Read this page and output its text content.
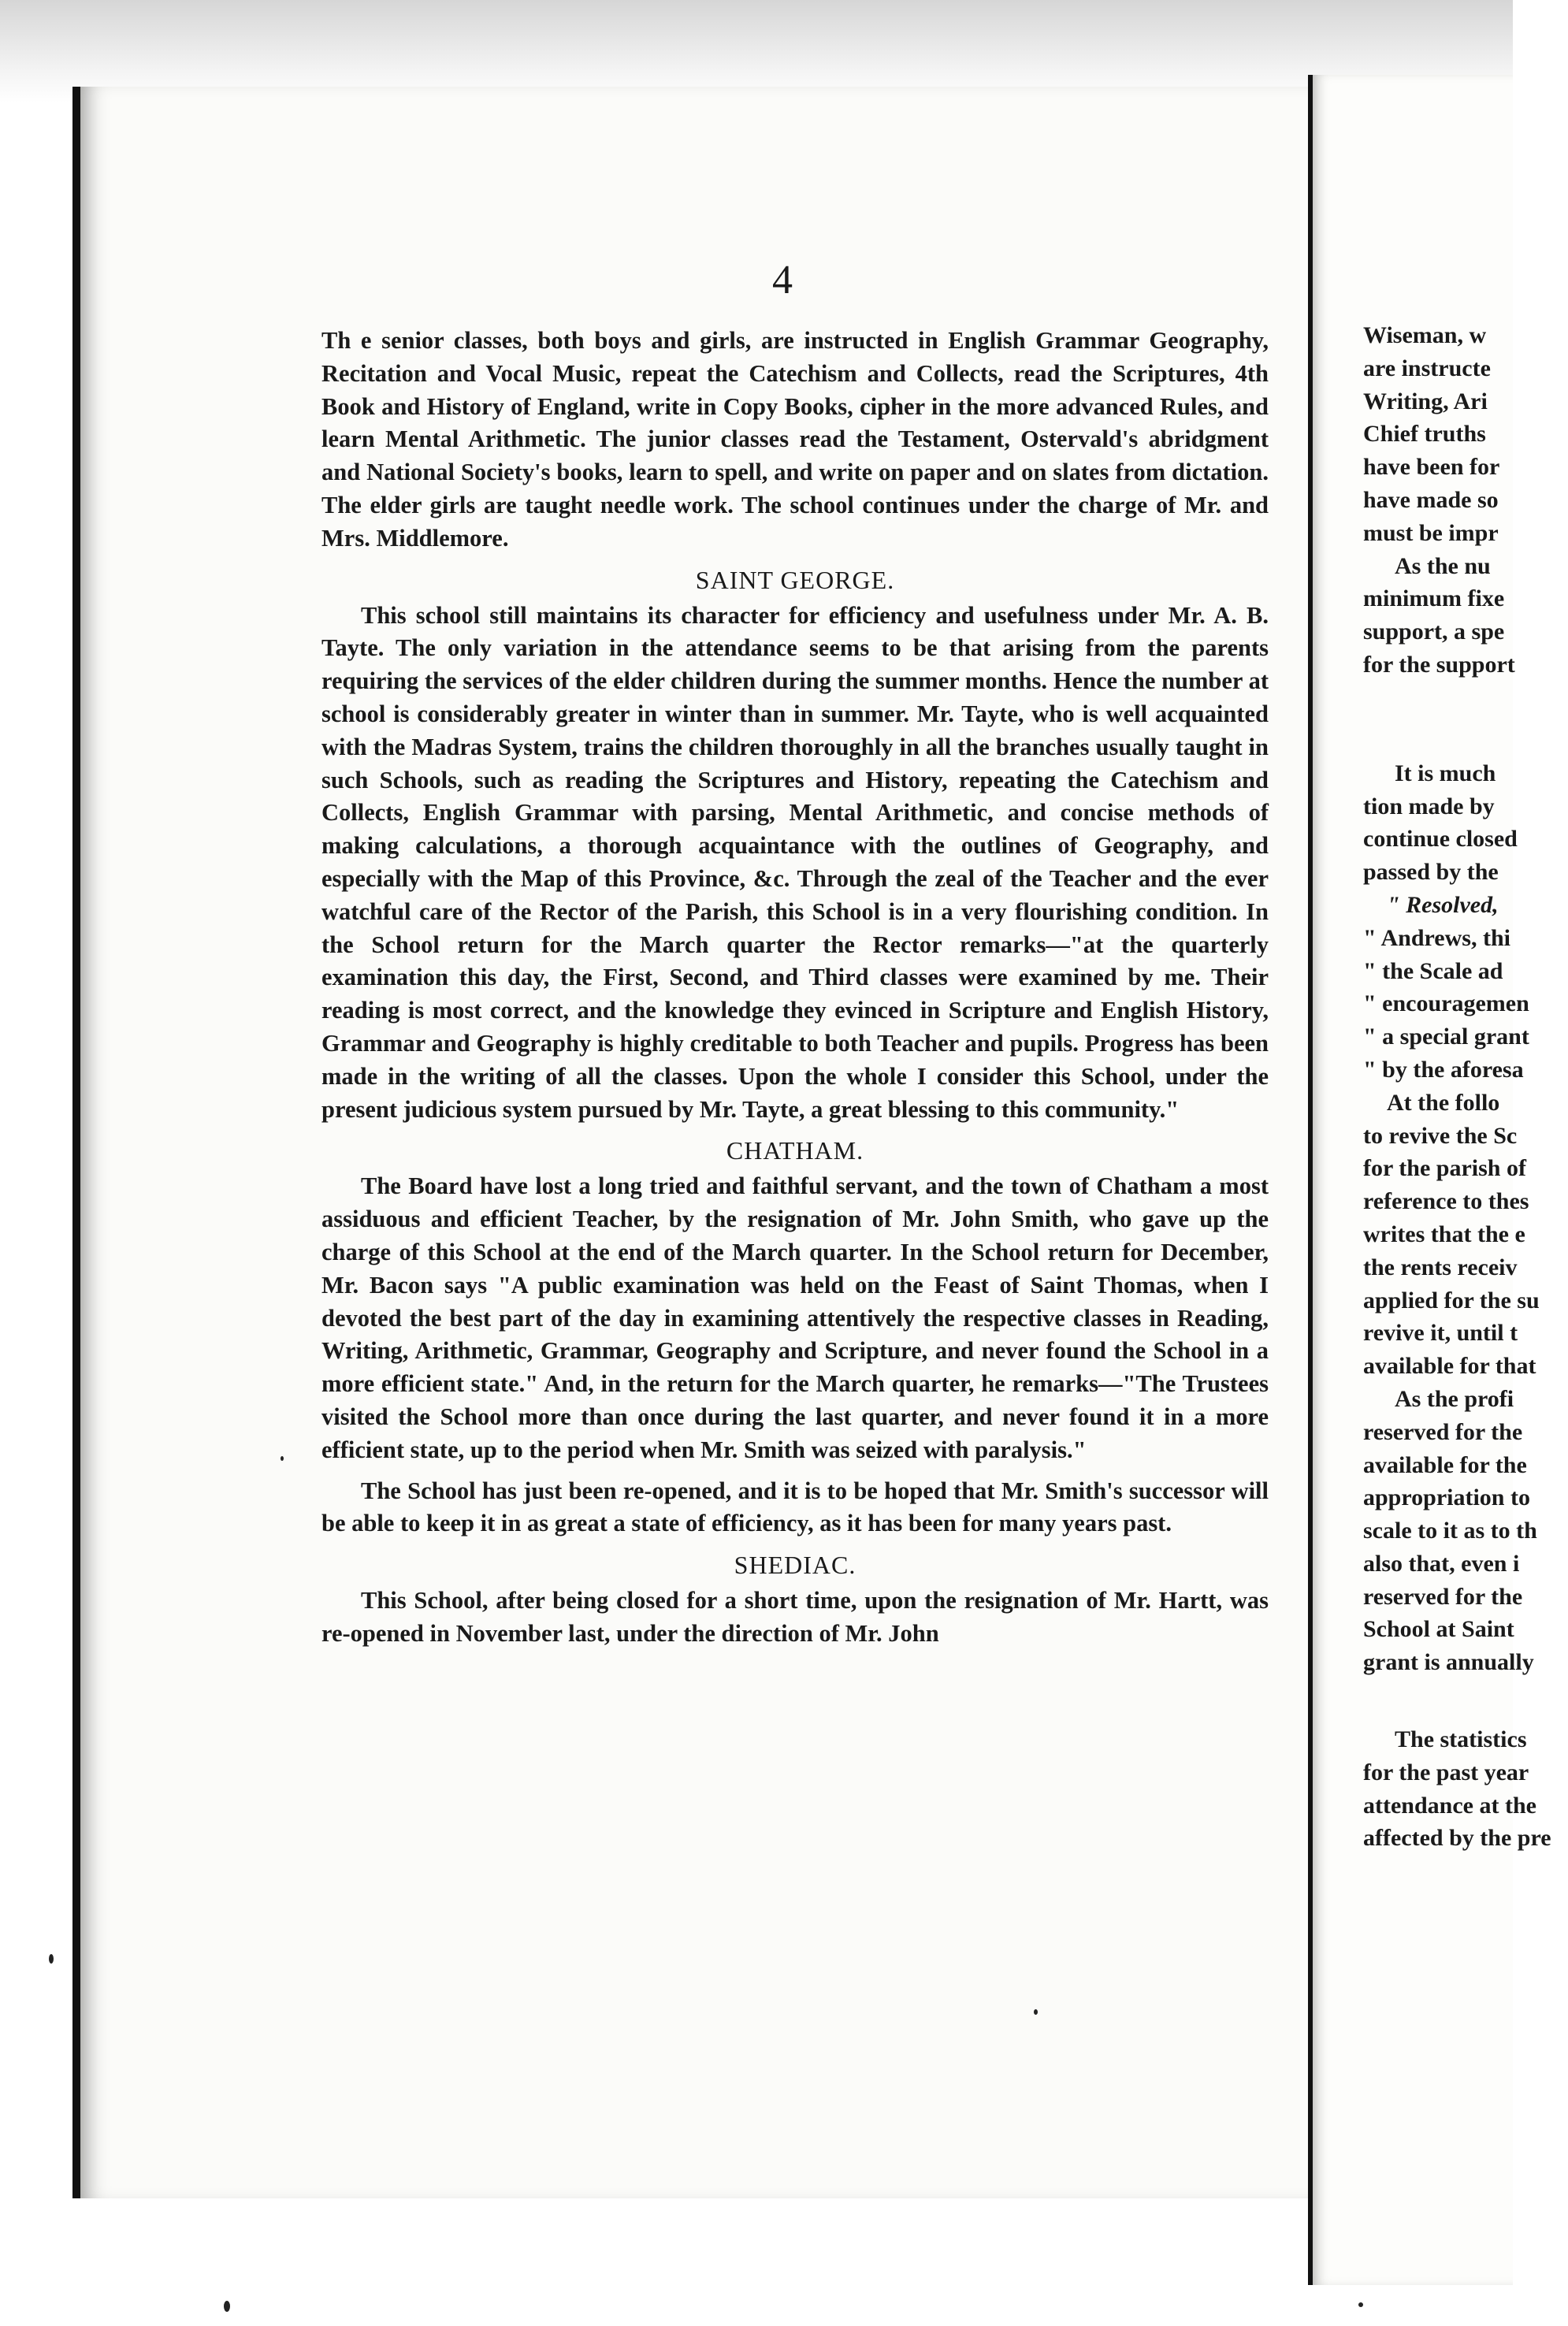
Wiseman, w
are instructe
Writing, Ari
Chief truths
have been for
have made so
must be impr
As the nu
minimum fixe
support, a spe
for the support
It is much
tion made by
continue closed
passed by the
" Resolved,
" Andrews, thi
" the Scale ad
" encouragemen
" a special grant
" by the aforesa
At the follo
to revive the Sc
for the parish of
reference to thes
writes that the e
the rents receiv
applied for the su
revive it, until t
available for that
As the profi
reserved for the
available for the
appropriation to
scale to it as to th
also that, even i
reserved for the
School at Saint
grant is annually
The statistics
for the past year
attendance at the
affected by the pre
4

Th e senior classes, both boys and girls, are instructed in English Grammar Geography, Recitation and Vocal Music, repeat the Catechism and Collects, read the Scriptures, 4th Book and History of England, write in Copy Books, cipher in the more advanced Rules, and learn Mental Arithmetic. The junior classes read the Testament, Ostervald's abridgment and National Society's books, learn to spell, and write on paper and on slates from dictation. The elder girls are taught needle work. The school continues under the charge of Mr. and Mrs. Middlemore.

SAINT GEORGE.

This school still maintains its character for efficiency and usefulness under Mr. A. B. Tayte. The only variation in the attendance seems to be that arising from the parents requiring the services of the elder children during the summer months. Hence the number at school is considerably greater in winter than in summer. Mr. Tayte, who is well acquainted with the Madras System, trains the children thoroughly in all the branches usually taught in such Schools, such as reading the Scriptures and History, repeating the Catechism and Collects, English Grammar with parsing, Mental Arithmetic, and concise methods of making calculations, a thorough acquaintance with the outlines of Geography, and especially with the Map of this Province, &c. Through the zeal of the Teacher and the ever watchful care of the Rector of the Parish, this School is in a very flourishing condition. In the School return for the March quarter the Rector remarks—"at the quarterly examination this day, the First, Second, and Third classes were examined by me. Their reading is most correct, and the knowledge they evinced in Scripture and English History, Grammar and Geography is highly creditable to both Teacher and pupils. Progress has been made in the writing of all the classes. Upon the whole I consider this School, under the present judicious system pursued by Mr. Tayte, a great blessing to this community."

CHATHAM.

The Board have lost a long tried and faithful servant, and the town of Chatham a most assiduous and efficient Teacher, by the resignation of Mr. John Smith, who gave up the charge of this School at the end of the March quarter. In the School return for December, Mr. Bacon says "A public examination was held on the Feast of Saint Thomas, when I devoted the best part of the day in examining attentively the respective classes in Reading, Writing, Arithmetic, Grammar, Geography and Scripture, and never found the School in a more efficient state." And, in the return for the March quarter, he remarks—"The Trustees visited the School more than once during the last quarter, and never found it in a more efficient state, up to the period when Mr. Smith was seized with paralysis."

The School has just been re-opened, and it is to be hoped that Mr. Smith's successor will be able to keep it in as great a state of efficiency, as it has been for many years past.

SHEDIAC.

This School, after being closed for a short time, upon the resignation of Mr. Hartt, was re-opened in November last, under the direction of Mr. John
